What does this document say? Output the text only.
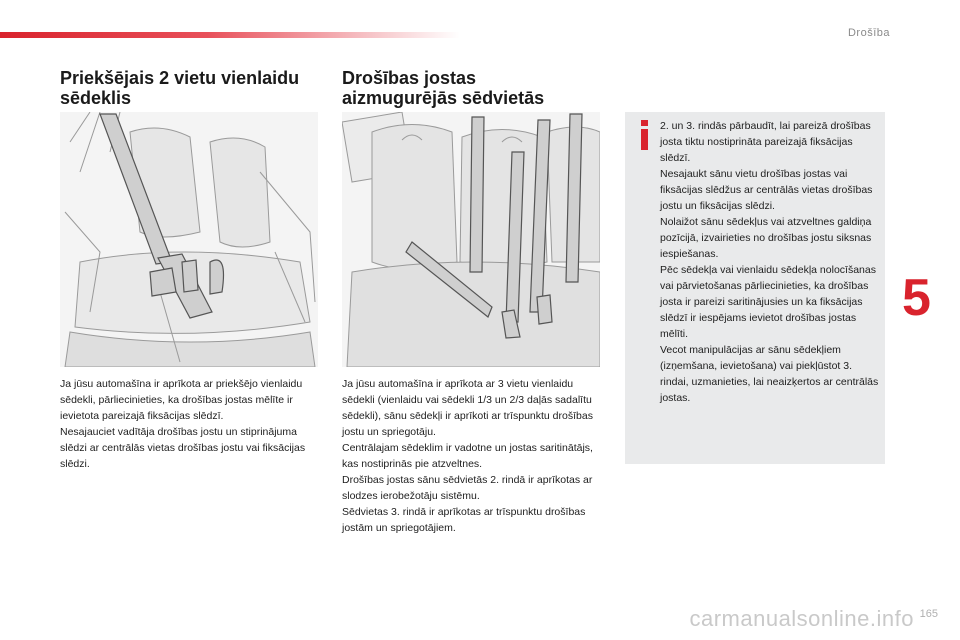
Drošība
5
Priekšējais 2 vietu vienlaidu
sēdeklis

Ja jūsu automašīna ir aprīkota ar priekšējo vienlaidu sēdekli, pārliecinieties, ka drošības jostas mēlīte ir ievietota pareizajā fiksācijas slēdzī.

Nesajauciet vadītāja drošības jostu un stiprinājuma slēdzi ar centrālās vietas drošības jostu vai fiksācijas slēdzi.

Drošības jostas
aizmugurējās sēdvietās

Ja jūsu automašīna ir aprīkota ar 3 vietu vienlaidu sēdekli (vienlaidu vai sēdekli 1/3 un 2/3 daļās sadalītu sēdekli), sānu sēdekļi ir aprīkoti ar trīspunktu drošības jostu un spriegotāju.

Centrālajam sēdeklim ir vadotne un jostas saritinātājs, kas nostiprinās pie atzveltnes.

Drošības jostas sānu sēdvietās 2. rindā ir aprīkotas ar slodzes ierobežotāju sistēmu.

Sēdvietas 3. rindā ir aprīkotas ar trīspunktu drošības jostām un spriegotājiem.

2. un 3. rindās pārbaudīt, lai pareizā drošības josta tiktu nostiprināta pareizajā fiksācijas slēdzī.

Nesajaukt sānu vietu drošības jostas vai fiksācijas slēdžus ar centrālās vietas drošības jostu un fiksācijas slēdzi.

Nolaižot sānu sēdekļus vai atzveltnes galdiņa pozīcijā, izvairieties no drošības jostu siksnas iespiešanas.

Pēc sēdekļa vai vienlaidu sēdekļa nolocīšanas vai pārvietošanas pārliecinieties, ka drošības josta ir pareizi saritinājusies un ka fiksācijas slēdzī ir iespējams ievietot drošības jostas mēlīti.

Vecot manipulācijas ar sānu sēdekļiem (izņemšana, ievietošana) vai piekļūstot 3. rindai, uzmanieties, lai neaizķertos ar centrālās jostas.

carmanualsonline.info 165
